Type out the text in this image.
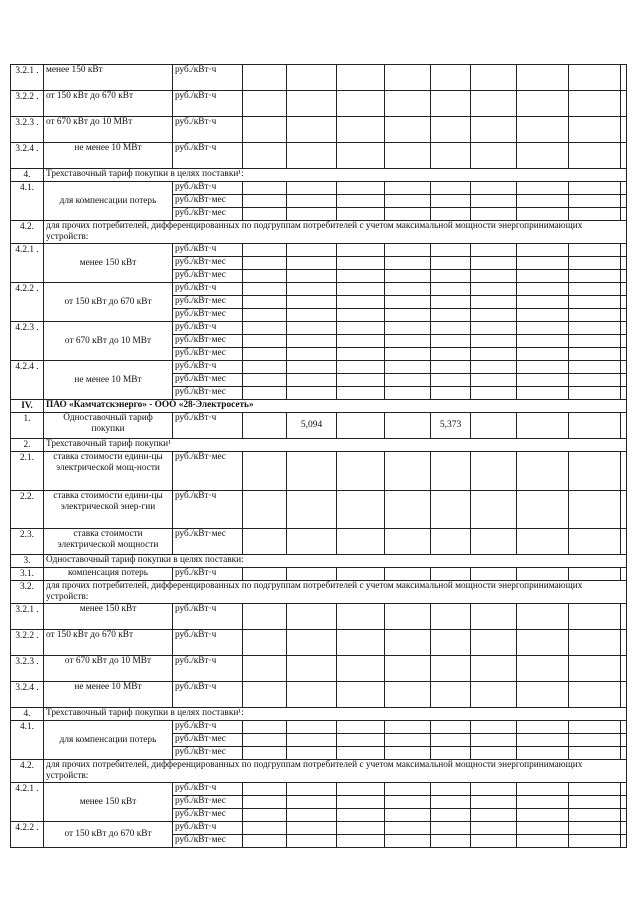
3.2.1 .	менее 150 кВт	руб./кВт·ч									
3.2.2 .	от 150 кВт до 670 кВт	руб./кВт·ч									
3.2.3 .	от 670 кВт до 10 МВт	руб./кВт·ч									
3.2.4 .	не менее 10 МВт	руб./кВт·ч									
4.	Трехставочный тариф покупки в целях поставки¹:										
4.1.	для компенсации потерь	руб./кВт·ч									
		руб./кВт·мес									
		руб./кВт·мес									
4.2.	для прочих потребителей, дифференцированных по подгруппам потребителей с учетом максимальной мощности энергопринимающих устройств:										
4.2.1 .	менее 150 кВт	руб./кВт·ч									
		руб./кВт·мес									
		руб./кВт·мес									
4.2.2 .	от 150 кВт до 670 кВт	руб./кВт·ч									
		руб./кВт·мес									
		руб./кВт·мес									
4.2.3 .	от 670 кВт до 10 МВт	руб./кВт·ч									
		руб./кВт·мес									
		руб./кВт·мес									
4.2.4 .	не менее 10 МВт	руб./кВт·ч									
		руб./кВт·мес									
		руб./кВт·мес									
IV.	ПАО «Камчатскэнерго» - ООО «28-Электросеть»										
1.	Одноставочный тариф покупки	руб./кВт·ч		5,094			5,373				
2.	Трехставочный тариф покупки¹										
2.1.	ставка стоимости едини-цы электрической мощ-ности	руб./кВт·мес									
2.2.	ставка стоимости едини-цы электрической энер-гии	руб./кВт·ч									
2.3.	ставка стоимости электрической мощности	руб./кВт·мес									
3.	Одноставочный тариф покупки в целях поставки:										
3.1.	компенсация потерь	руб./кВт·ч									
3.2.	для прочих потребителей, дифференцированных по подгруппам потребителей с учетом максимальной мощности энергопринимающих устройств:										
3.2.1 .	менее 150 кВт	руб./кВт·ч									
3.2.2 .	от 150 кВт до 670 кВт	руб./кВт·ч									
3.2.3 .	от 670 кВт до 10 МВт	руб./кВт·ч									
3.2.4 .	не менее 10 МВт	руб./кВт·ч									
4.	Трехставочный тариф покупки в целях поставки¹:										
4.1.	для компенсации потерь	руб./кВт·ч									
		руб./кВт·мес									
		руб./кВт·мес									
4.2.	для прочих потребителей, дифференцированных по подгруппам потребителей с учетом максимальной мощности энергопринимающих устройств:										
4.2.1 .	менее 150 кВт	руб./кВт·ч									
		руб./кВт·мес									
		руб./кВт·мес									
4.2.2 .	от 150 кВт до 670 кВт	руб./кВт·ч									
		руб./кВт·мес									
